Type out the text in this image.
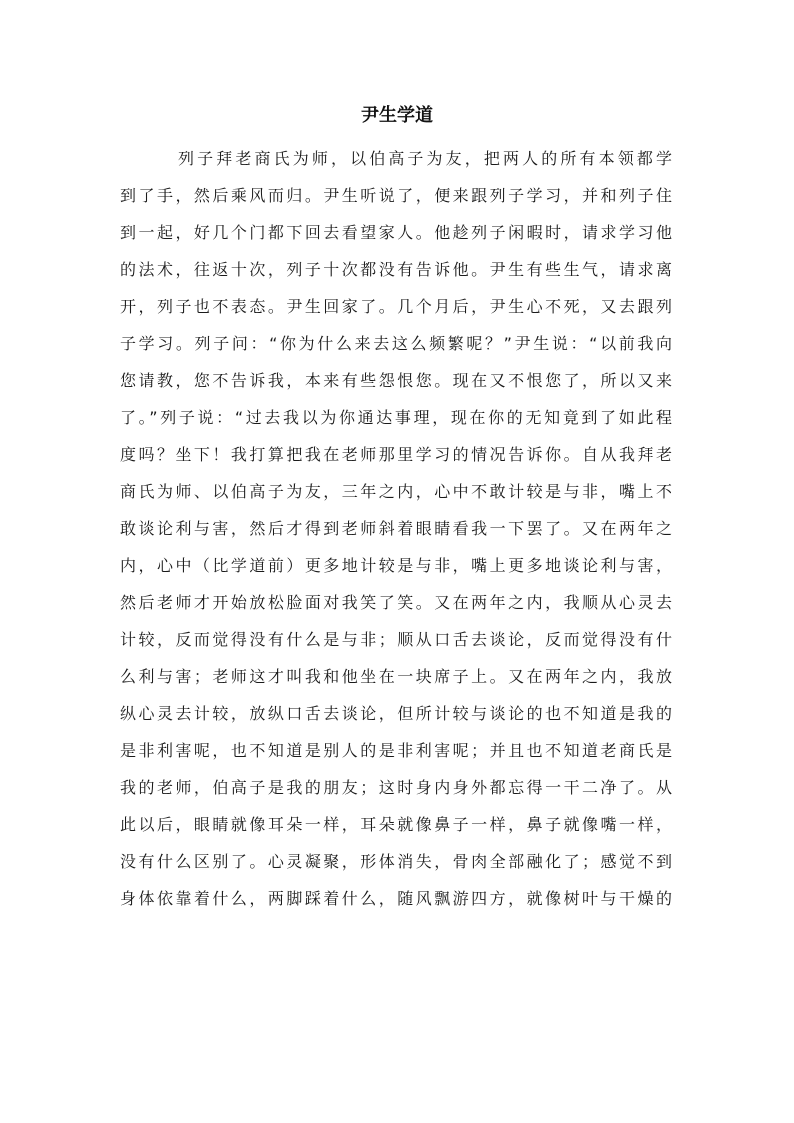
尹生学道
列子拜老商氏为师，以伯高子为友，把两人的所有本领都学
到了手，然后乘风而归。尹生听说了，便来跟列子学习，并和列子住
到一起，好几个门都下回去看望家人。他趁列子闲暇时，请求学习他
的法术，往返十次，列子十次都没有告诉他。尹生有些生气，请求离
开，列子也不表态。尹生回家了。几个月后，尹生心不死，又去跟列
子学习。列子问：“你为什么来去这么频繁呢？”尹生说：“以前我向
您请教，您不告诉我，本来有些怨恨您。现在又不恨您了，所以又来
了。”列子说：“过去我以为你通达事理，现在你的无知竟到了如此程
度吗？坐下！我打算把我在老师那里学习的情况告诉你。自从我拜老
商氏为师、以伯高子为友，三年之内，心中不敢计较是与非，嘴上不
敢谈论利与害，然后才得到老师斜着眼睛看我一下罢了。又在两年之
内，心中（比学道前）更多地计较是与非，嘴上更多地谈论利与害，
然后老师才开始放松脸面对我笑了笑。又在两年之内，我顺从心灵去
计较，反而觉得没有什么是与非；顺从口舌去谈论，反而觉得没有什
么利与害；老师这才叫我和他坐在一块席子上。又在两年之内，我放
纵心灵去计较，放纵口舌去谈论，但所计较与谈论的也不知道是我的
是非利害呢，也不知道是别人的是非利害呢；并且也不知道老商氏是
我的老师，伯高子是我的朋友；这时身内身外都忘得一干二净了。从
此以后，眼睛就像耳朵一样，耳朵就像鼻子一样，鼻子就像嘴一样，
没有什么区别了。心灵凝聚，形体消失，骨肉全部融化了；感觉不到
身体依靠着什么，两脚踩着什么，随风飘游四方，就像树叶与干燥的
